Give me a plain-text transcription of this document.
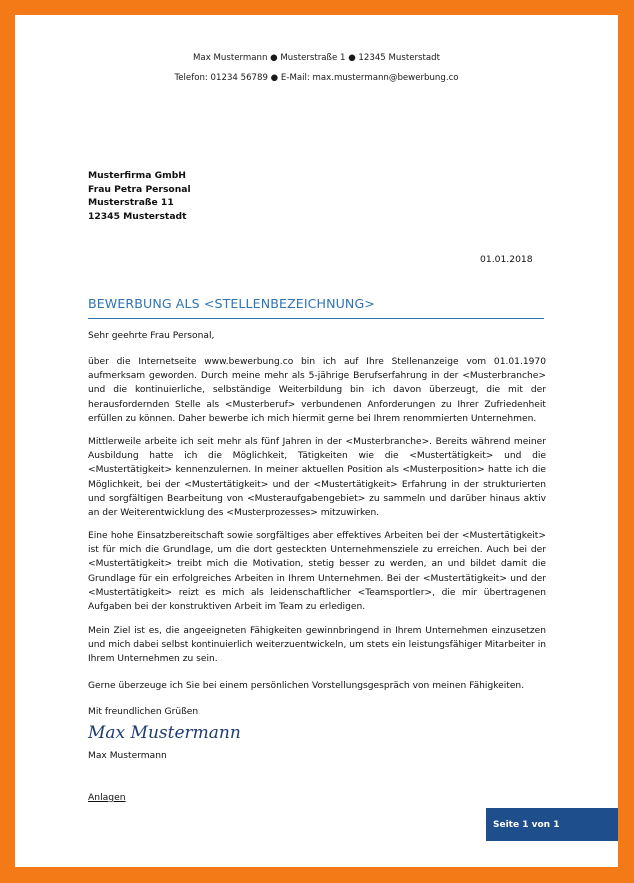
Max Mustermann ● Musterstraße 1 ● 12345 Musterstadt
Telefon: 01234 56789 ● E-Mail: max.mustermann@bewerbung.co
Musterfirma GmbH
Frau Petra Personal
Musterstraße 11
12345 Musterstadt
01.01.2018
BEWERBUNG ALS <STELLENBEZEICHNUNG>
Sehr geehrte Frau Personal,
über die Internetseite www.bewerbung.co bin ich auf Ihre Stellenanzeige vom 01.01.1970 aufmerksam geworden. Durch meine mehr als 5-jährige Berufserfahrung in der <Musterbranche> und die kontinuierliche, selbständige Weiterbildung bin ich davon überzeugt, die mit der herausfordernden Stelle als <Musterberuf> verbundenen Anforderungen zu Ihrer Zufriedenheit erfüllen zu können. Daher bewerbe ich mich hiermit gerne bei Ihrem renommierten Unternehmen.
Mittlerweile arbeite ich seit mehr als fünf Jahren in der <Musterbranche>. Bereits während meiner Ausbildung hatte ich die Möglichkeit, Tätigkeiten wie die <Mustertätigkeit> und die <Mustertätigkeit> kennenzulernen. In meiner aktuellen Position als <Musterposition> hatte ich die Möglichkeit, bei der <Mustertätigkeit> und der <Mustertätigkeit> Erfahrung in der strukturierten und sorgfältigen Bearbeitung von <Musteraufgabengebiet> zu sammeln und darüber hinaus aktiv an der Weiterentwicklung des <Musterprozesses> mitzuwirken.
Eine hohe Einsatzbereitschaft sowie sorgfältiges aber effektives Arbeiten bei der <Mustertätigkeit> ist für mich die Grundlage, um die dort gesteckten Unternehmensziele zu erreichen. Auch bei der <Mustertätigkeit> treibt mich die Motivation, stetig besser zu werden, an und bildet damit die Grundlage für ein erfolgreiches Arbeiten in Ihrem Unternehmen. Bei der <Mustertätigkeit> und der <Mustertätigkeit> reizt es mich als leidenschaftlicher <Teamsportler>, die mir übertragenen Aufgaben bei der konstruktiven Arbeit im Team zu erledigen.
Mein Ziel ist es, die angeeigneten Fähigkeiten gewinnbringend in Ihrem Unternehmen einzusetzen und mich dabei selbst kontinuierlich weiterzuentwickeln, um stets ein leistungsfähiger Mitarbeiter in Ihrem Unternehmen zu sein.
Gerne überzeuge ich Sie bei einem persönlichen Vorstellungsgespräch von meinen Fähigkeiten.
Mit freundlichen Grüßen
Max Mustermann
Max Mustermann
Anlagen
Seite 1 von 1
